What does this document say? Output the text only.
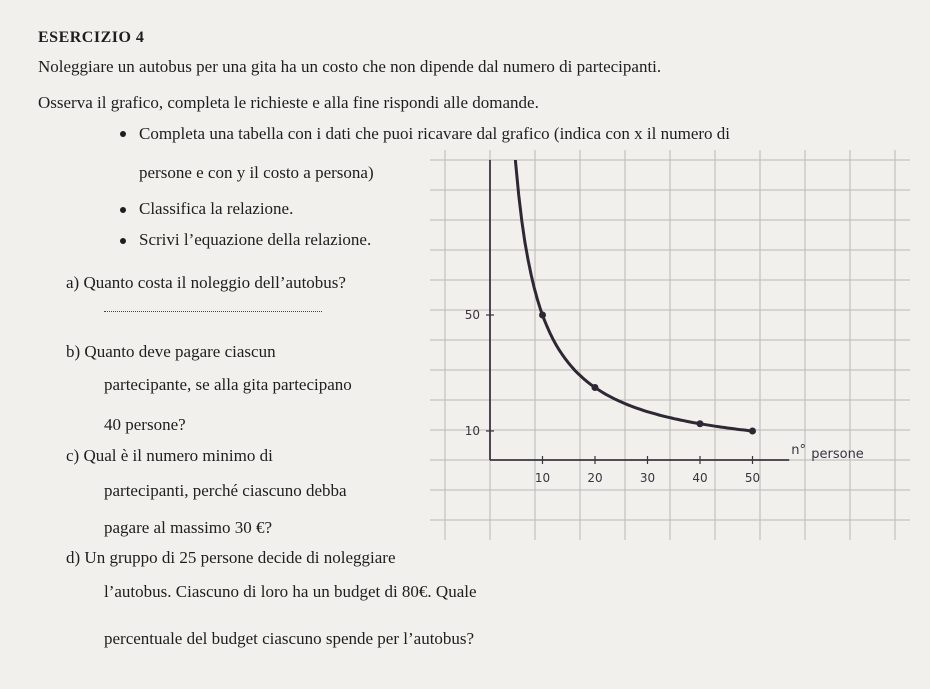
ESERCIZIO 4
Noleggiare un autobus per una gita ha un costo che non dipende dal numero di partecipanti.
Osserva il grafico, completa le richieste e alla fine rispondi alle domande.
Completa una tabella con i dati che puoi ricavare dal grafico (indica con x il numero di
persone e con y il costo a persona)
Classifica la relazione.
Scrivi l’equazione della relazione.
a) Quanto costa il noleggio dell’autobus?
b) Quanto deve pagare ciascun
partecipante, se alla gita partecipano
40 persone?
c) Qual è il numero minimo di
partecipanti, perché ciascuno debba
pagare al massimo 30 €?
d) Un gruppo di 25 persone decide di noleggiare
l’autobus. Ciascuno di loro ha un budget di 80€. Quale
percentuale del budget ciascuno spende per l’autobus?
n° persone
10	20	30	40	50
10
50
